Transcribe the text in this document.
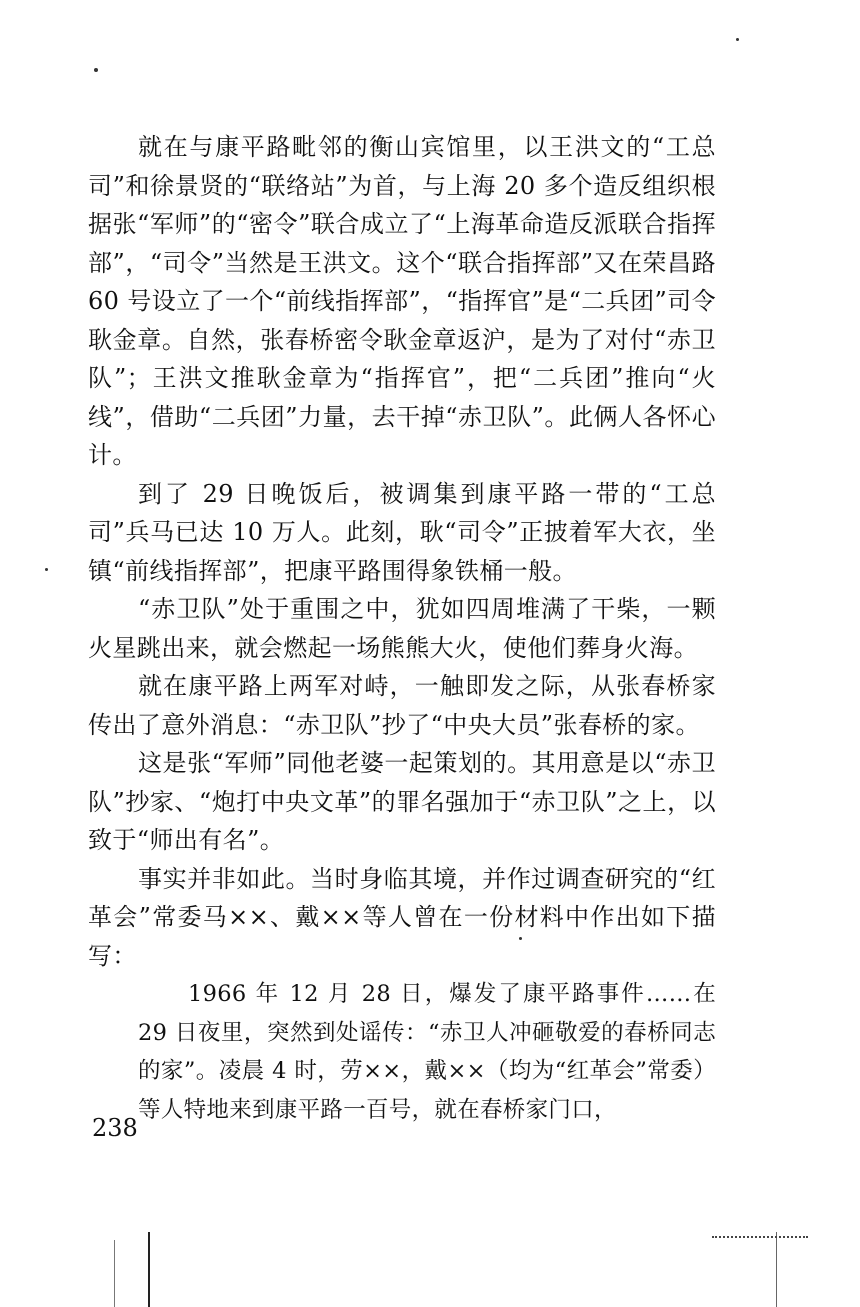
就在与康平路毗邻的衡山宾馆里，以王洪文的“工总司”和徐景贤的“联络站”为首，与上海 20 多个造反组织根据张“军师”的“密令”联合成立了“上海革命造反派联合指挥部”，“司令”当然是王洪文。这个“联合指挥部”又在荣昌路 60 号设立了一个“前线指挥部”，“指挥官”是“二兵团”司令耿金章。自然，张春桥密令耿金章返沪，是为了对付“赤卫队”；王洪文推耿金章为“指挥官”，把“二兵团”推向“火线”，借助“二兵团”力量，去干掉“赤卫队”。此俩人各怀心计。

到了 29 日晚饭后，被调集到康平路一带的“工总司”兵马已达 10 万人。此刻，耿“司令”正披着军大衣，坐镇“前线指挥部”，把康平路围得象铁桶一般。

“赤卫队”处于重围之中，犹如四周堆满了干柴，一颗火星跳出来，就会燃起一场熊熊大火，使他们葬身火海。

就在康平路上两军对峙，一触即发之际，从张春桥家传出了意外消息：“赤卫队”抄了“中央大员”张春桥的家。

这是张“军师”同他老婆一起策划的。其用意是以“赤卫队”抄家、“炮打中央文革”的罪名强加于“赤卫队”之上，以致于“师出有名”。

事实并非如此。当时身临其境，并作过调查研究的“红革会”常委马××、戴××等人曾在一份材料中作出如下描写：

1966 年 12 月 28 日，爆发了康平路事件……在 29 日夜里，突然到处谣传：“赤卫人冲砸敬爱的春桥同志的家”。凌晨 4 时，劳××，戴××（均为“红革会”常委）等人特地来到康平路一百号，就在春桥家门口，

238
